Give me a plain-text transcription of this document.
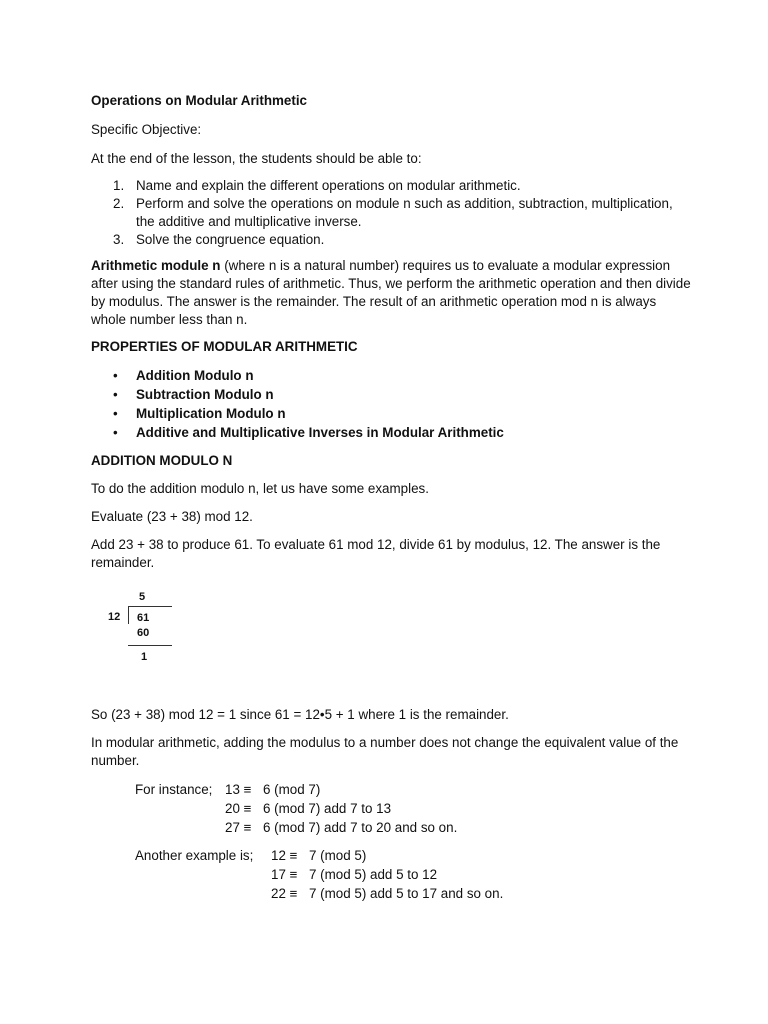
Operations on Modular Arithmetic

Specific Objective:

At the end of the lesson, the students should be able to:

1. Name and explain the different operations on modular arithmetic.
2. Perform and solve the operations on module n such as addition, subtraction, multiplication, the additive and multiplicative inverse.
3. Solve the congruence equation.

Arithmetic module n (where n is a natural number) requires us to evaluate a modular expression after using the standard rules of arithmetic. Thus, we perform the arithmetic operation and then divide by modulus. The answer is the remainder. The result of an arithmetic operation mod n is always whole number less than n.

PROPERTIES OF MODULAR ARITHMETIC

• Addition Modulo n
• Subtraction Modulo n
• Multiplication Modulo n
• Additive and Multiplicative Inverses in Modular Arithmetic

ADDITION MODULO N

To do the addition modulo n, let us have some examples.

Evaluate (23 + 38) mod 12.

Add 23 + 38 to produce 61. To evaluate 61 mod 12, divide 61 by modulus, 12. The answer is the remainder.

5
12 61
60
1

So (23 + 38) mod 12 = 1 since 61 = 12•5 + 1 where 1 is the remainder.

In modular arithmetic, adding the modulus to a number does not change the equivalent value of the number.

For instance; 13 ≡ 6 (mod 7)
20 ≡ 6 (mod 7) add 7 to 13
27 ≡ 6 (mod 7) add 7 to 20 and so on.
Another example is; 12 ≡ 7 (mod 5)
17 ≡ 7 (mod 5) add 5 to 12
22 ≡ 7 (mod 5) add 5 to 17 and so on.
